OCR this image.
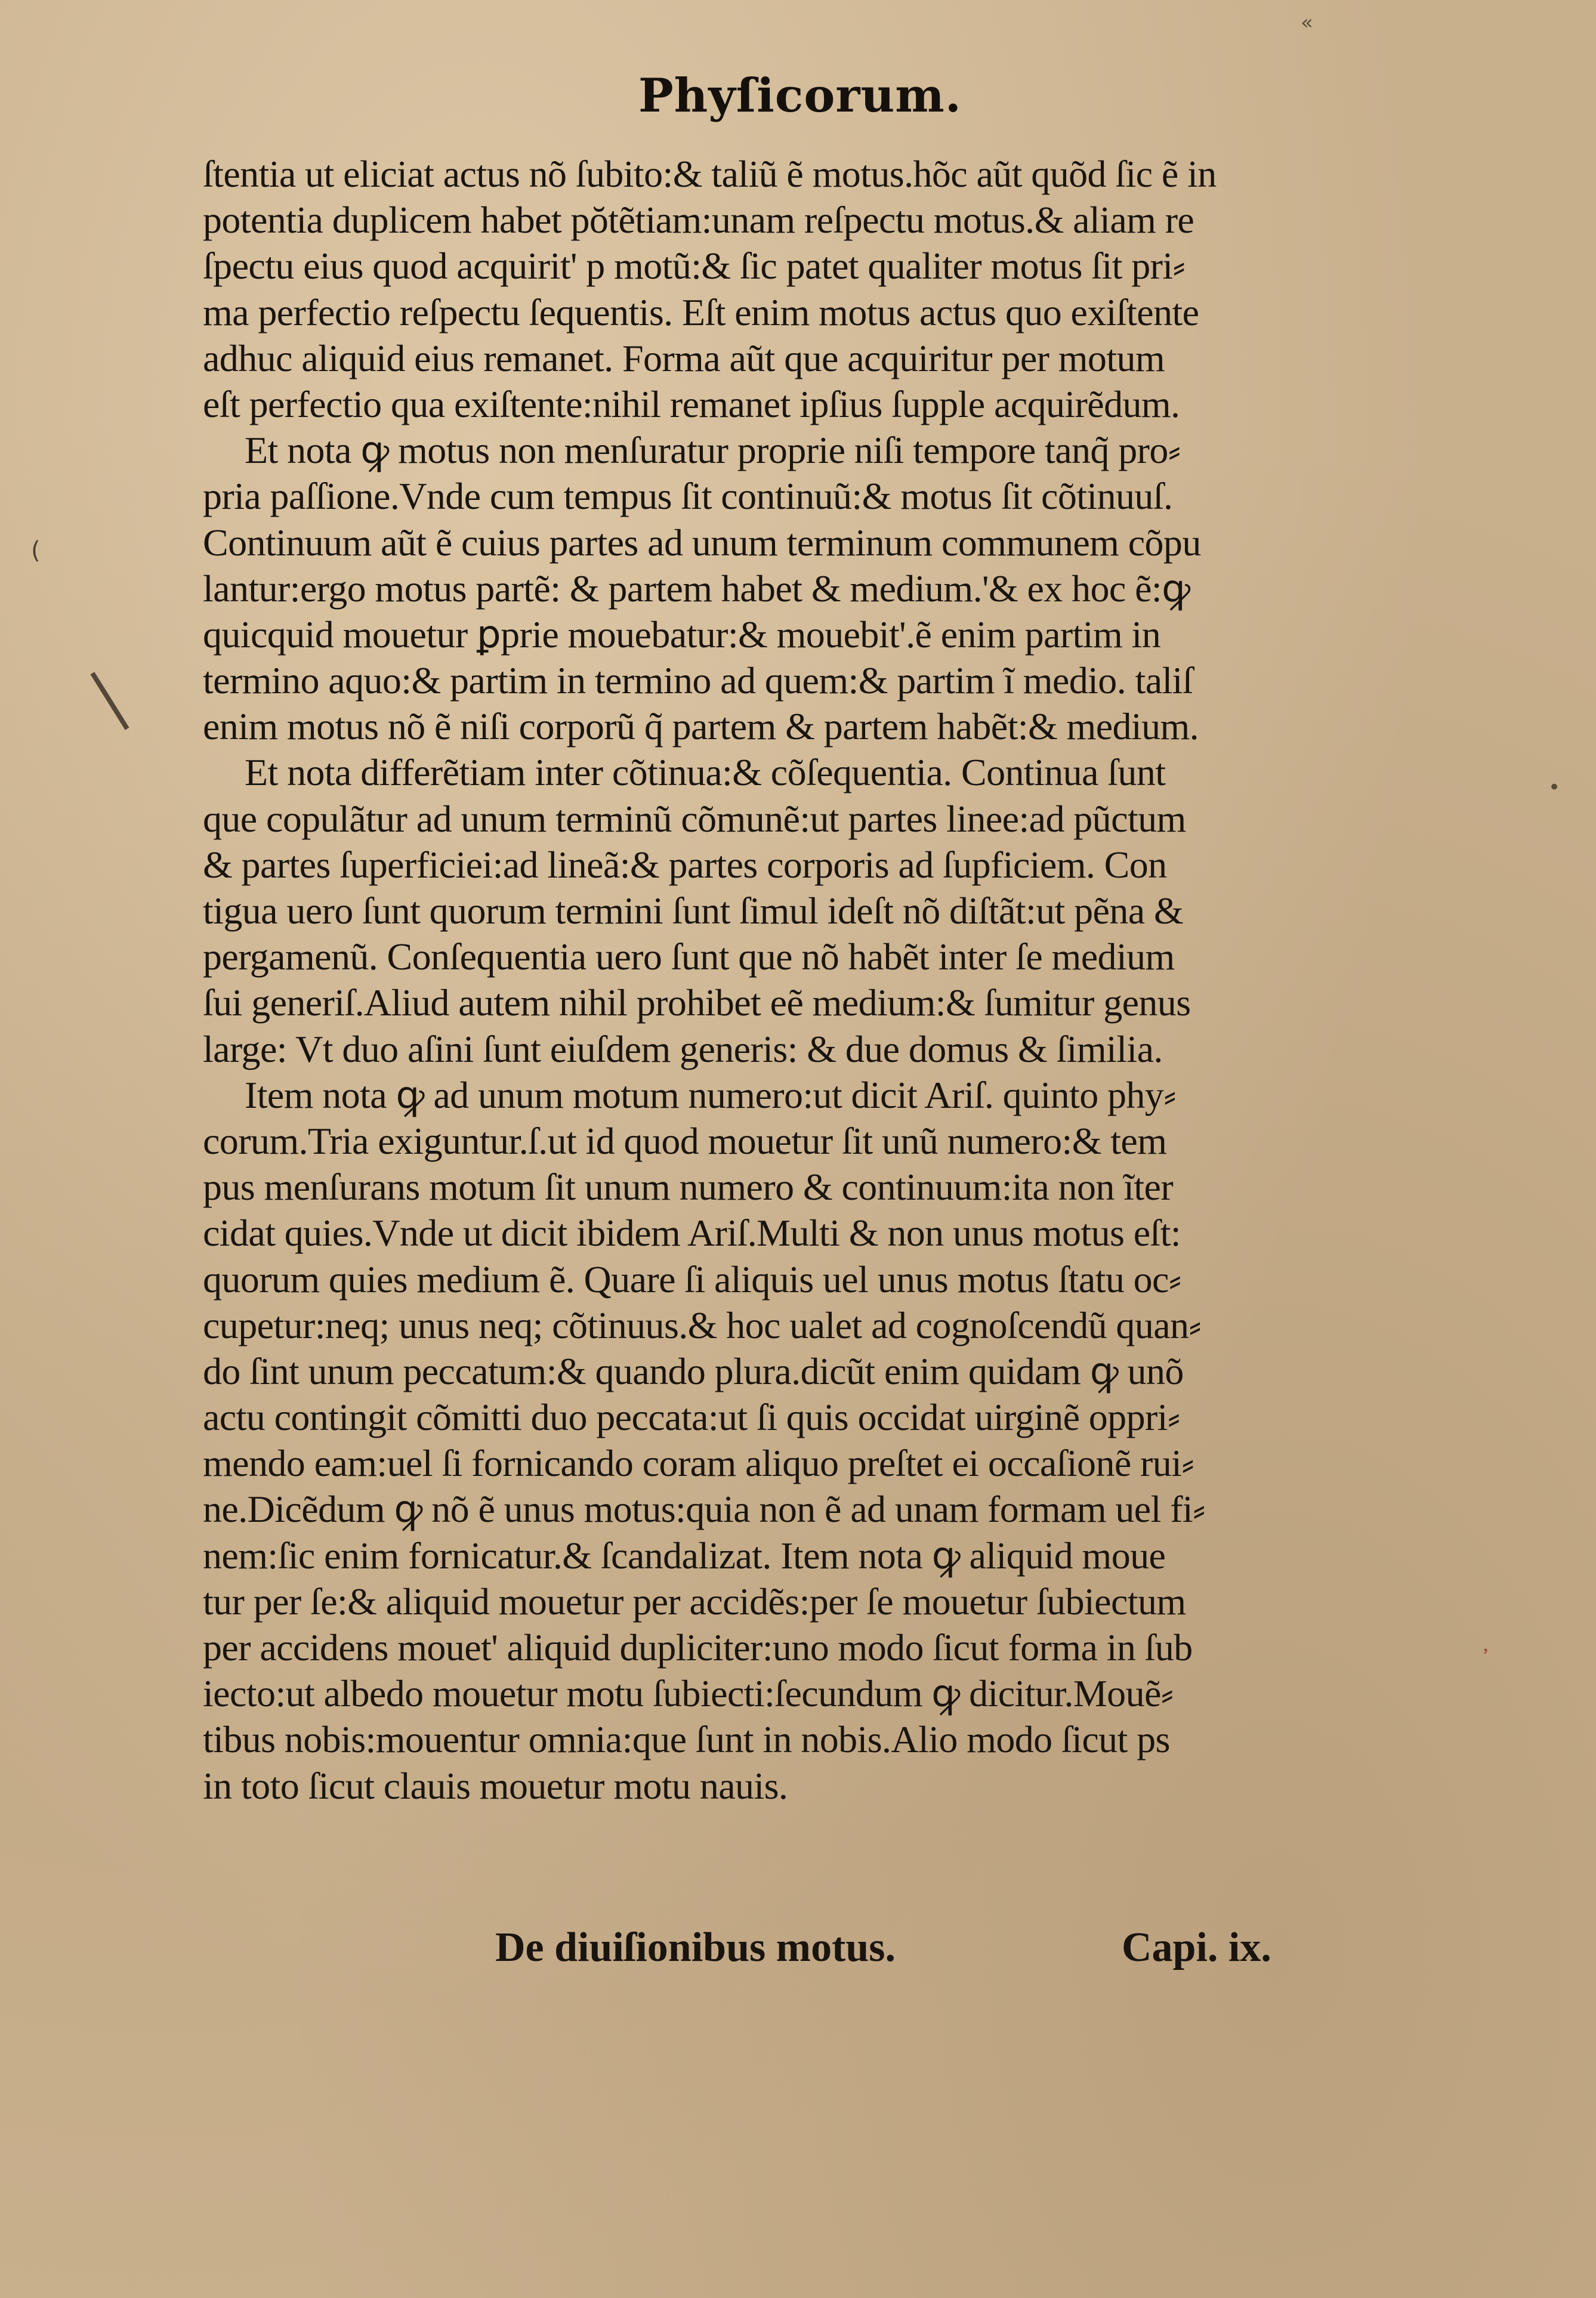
«
(
•
᾽
Phyſicorum.
ſtentia ut eliciat actus nõ ſubito:& taliũ ẽ motus.hõc aũt quõd ſic ẽ in
potentia duplicem habet pŏtẽtiam:unam reſpectu motus.& aliam re
ſpectu eius quod acquirit' p motũ:& ſic patet qualiter motus ſit pri⸗
ma perfectio reſpectu ſequentis. Eſt enim motus actus quo exiſtente
adhuc aliquid eius remanet. Forma aũt que acquiritur per motum
eſt perfectio qua exiſtente:nihil remanet ipſius ſupple acquirẽdum.
Et nota ꝙ motus non menſuratur proprie niſi tempore tanq̃ pro⸗
pria paſſione.Vnde cum tempus ſit continuũ:& motus ſit cõtinuuſ.
Continuum aũt ẽ cuius partes ad unum terminum communem cõpu
lantur:ergo motus partẽ: & partem habet & medium.'& ex hoc ẽ:ꝙ
quicquid mouetur ꝑprie mouebatur:& mouebit'.ẽ enim partim in
termino aquo:& partim in termino ad quem:& partim ĩ medio. taliſ
enim motus nõ ẽ niſi corporũ q̃ partem & partem habẽt:& medium.
Et nota differẽtiam inter cõtinua:& cõſequentia. Continua ſunt
que copulãtur ad unum terminũ cõmunẽ:ut partes linee:ad pũctum
& partes ſuperficiei:ad lineã:& partes corporis ad ſupficiem. Con
tigua uero ſunt quorum termini ſunt ſimul ideſt nõ diſtãt:ut pẽna &
pergamenũ. Conſequentia uero ſunt que nõ habẽt inter ſe medium
ſui generiſ.Aliud autem nihil prohibet eẽ medium:& ſumitur genus
large: Vt duo aſini ſunt eiuſdem generis: & due domus & ſimilia.
Item nota ꝙ ad unum motum numero:ut dicit Ariſ. quinto phy⸗
corum.Tria exiguntur.ſ.ut id quod mouetur ſit unũ numero:& tem
pus menſurans motum ſit unum numero & continuum:ita non ĩter
cidat quies.Vnde ut dicit ibidem Ariſ.Multi & non unus motus eſt:
quorum quies medium ẽ. Quare ſi aliquis uel unus motus ſtatu oc⸗
cupetur:neq; unus neq; cõtinuus.& hoc ualet ad cognoſcendũ quan⸗
do ſint unum peccatum:& quando plura.dicũt enim quidam ꝙ unõ
actu contingit cõmitti duo peccata:ut ſi quis occidat uirginẽ oppri⸗
mendo eam:uel ſi fornicando coram aliquo preſtet ei occaſionẽ rui⸗
ne.Dicẽdum ꝙ nõ ẽ unus motus:quia non ẽ ad unam formam uel fi⸗
nem:ſic enim fornicatur.& ſcandalizat. Item nota ꝙ aliquid moue
tur per ſe:& aliquid mouetur per accidẽs:per ſe mouetur ſubiectum
per accidens mouet' aliquid dupliciter:uno modo ſicut forma in ſub
iecto:ut albedo mouetur motu ſubiecti:ſecundum ꝙ dicitur.Mouẽ⸗
tibus nobis:mouentur omnia:que ſunt in nobis.Alio modo ſicut ps
in toto ſicut clauis mouetur motu nauis.
De diuiſionibus motus.	Capi. ix.
